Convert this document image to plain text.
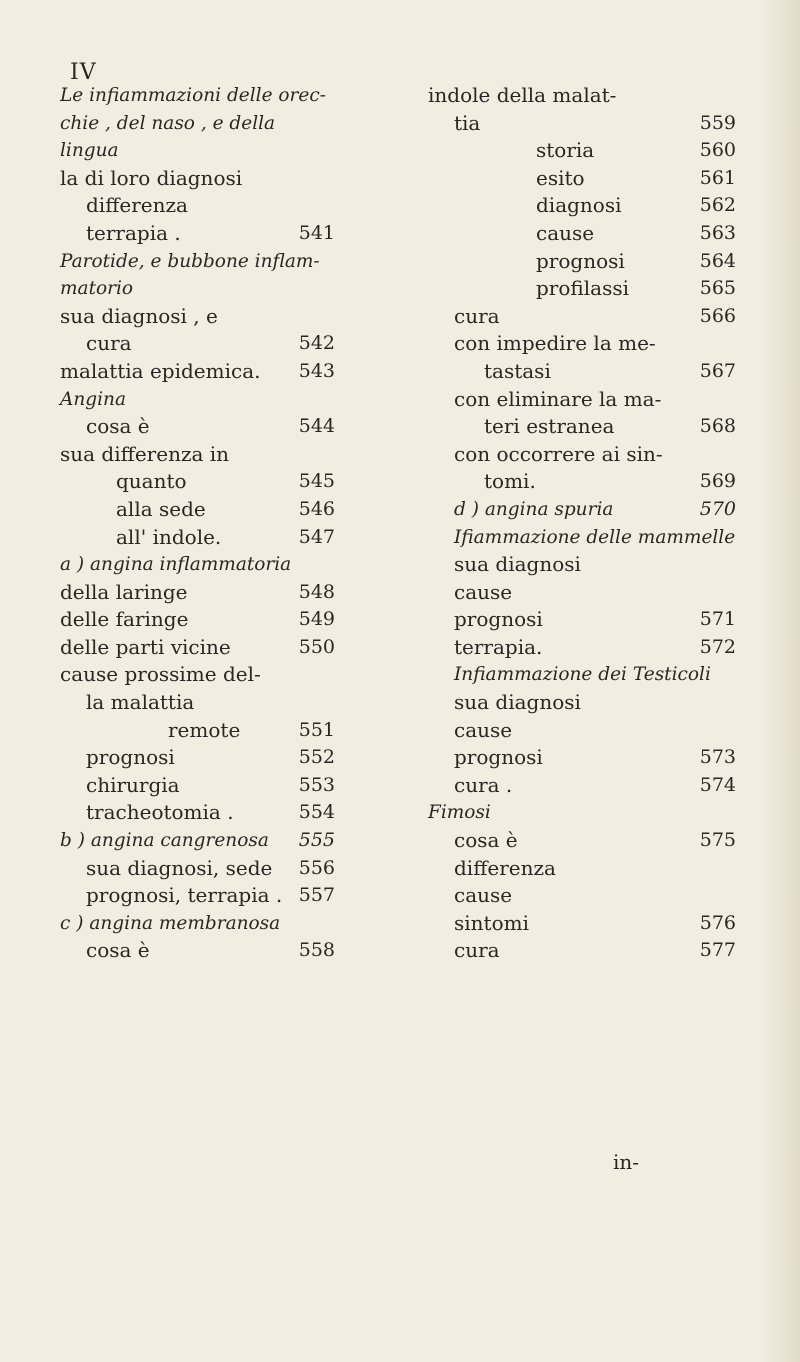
IV
Le infiammazioni delle orec-
chie , del naso , e della
lingua
la di loro diagnosi
differenza
terrapia .	541
Parotide, e bubbone inflam-
matorio
sua diagnosi , e
cura	542
malattia epidemica. 543
Angina
cosa è	544
sua differenza in
quanto	545
alla sede	546
all' indole.	547
a ) angina inflammatoria
della laringe	548
delle faringe	549
delle parti vicine	550
cause prossime del-
la malattia
remote	551
prognosi	552
chirurgia	553
tracheotomia .	554
b ) angina cangrenosa 555
sua diagnosi, sede 556
prognosi, terrapia . 557
c ) angina membranosa
cosa è	558
indole della malat-
tia	559
storia	560
esito	561
diagnosi	562
cause	563
prognosi	564
profilassi	565
cura	566
con impedire la me-
tastasi	567
con eliminare la ma-
teri estranea	568
con occorrere ai sin-
tomi.	569
d ) angina spuria	570
Ifiammazione delle mammelle
sua diagnosi
cause
prognosi	571
terrapia.	572
Infiammazione dei Testicoli
sua diagnosi
cause
prognosi	573
cura .	574
Fimosi
cosa è	575
differenza
cause
sintomi	576
cura	577
in-
